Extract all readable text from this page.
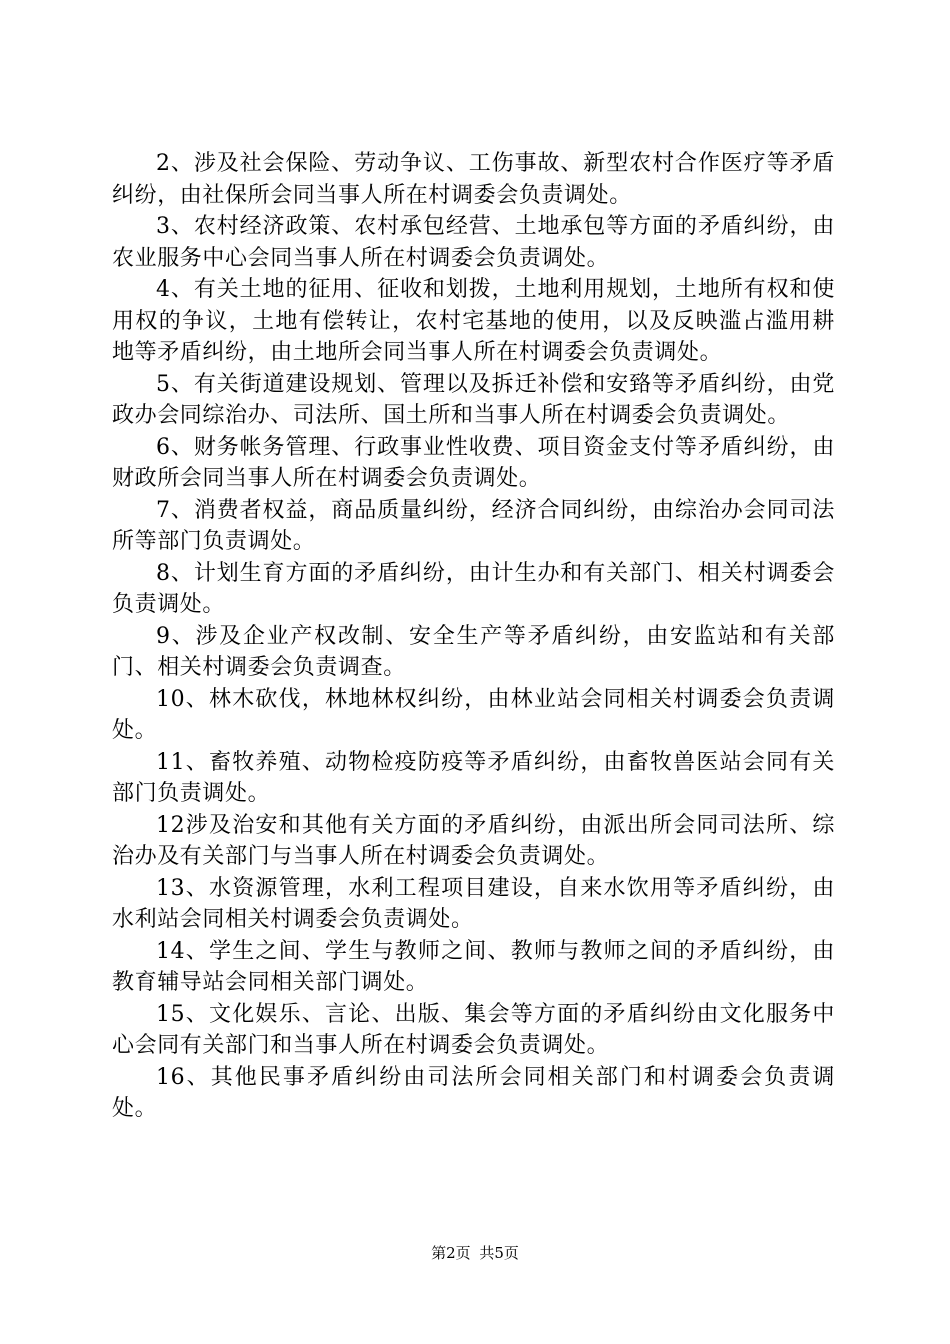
2、涉及社会保险、劳动争议、工伤事故、新型农村合作医疗等矛盾纠纷，由社保所会同当事人所在村调委会负责调处。

3、农村经济政策、农村承包经营、土地承包等方面的矛盾纠纷，由农业服务中心会同当事人所在村调委会负责调处。

4、有关土地的征用、征收和划拨，土地利用规划，土地所有权和使用权的争议，土地有偿转让，农村宅基地的使用，以及反映滥占滥用耕地等矛盾纠纷，由土地所会同当事人所在村调委会负责调处。

5、有关街道建设规划、管理以及拆迁补偿和安臵等矛盾纠纷，由党政办会同综治办、司法所、国土所和当事人所在村调委会负责调处。

6、财务帐务管理、行政事业性收费、项目资金支付等矛盾纠纷，由财政所会同当事人所在村调委会负责调处。

7、消费者权益，商品质量纠纷，经济合同纠纷，由综治办会同司法所等部门负责调处。

8、计划生育方面的矛盾纠纷，由计生办和有关部门、相关村调委会负责调处。

9、涉及企业产权改制、安全生产等矛盾纠纷，由安监站和有关部门、相关村调委会负责调查。

10、林木砍伐，林地林权纠纷，由林业站会同相关村调委会负责调处。

11、畜牧养殖、动物检疫防疫等矛盾纠纷，由畜牧兽医站会同有关部门负责调处。

12涉及治安和其他有关方面的矛盾纠纷，由派出所会同司法所、综治办及有关部门与当事人所在村调委会负责调处。

13、水资源管理，水利工程项目建设，自来水饮用等矛盾纠纷，由水利站会同相关村调委会负责调处。

14、学生之间、学生与教师之间、教师与教师之间的矛盾纠纷，由教育辅导站会同相关部门调处。

15、文化娱乐、言论、出版、集会等方面的矛盾纠纷由文化服务中心会同有关部门和当事人所在村调委会负责调处。

16、其他民事矛盾纠纷由司法所会同相关部门和村调委会负责调处。

第2页 共5页
